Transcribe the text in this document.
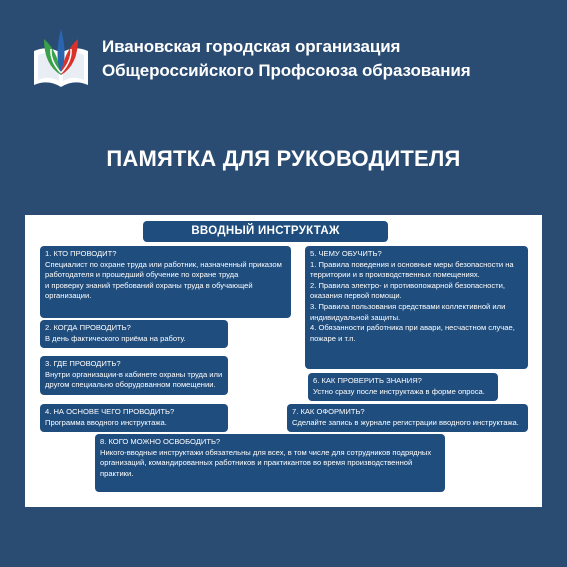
Ивановская городская организация
Общероссийского Профсоюза образования
ПАМЯТКА ДЛЯ РУКОВОДИТЕЛЯ
ВВОДНЫЙ ИНСТРУКТАЖ
1. КТО ПРОВОДИТ?
Специалист по охране труда или работник, назначенный приказом
работодателя и прошедший обучение по охране труда
и проверку знаний требований охраны труда в обучающей организации.
2. КОГДА ПРОВОДИТЬ?
В день фактического приёма на работу.
3. ГДЕ ПРОВОДИТЬ?
Внутри организации-в кабинете охраны труда или
другом специально оборудованном помещении.
4. НА ОСНОВЕ ЧЕГО ПРОВОДИТЬ?
Программа вводного инструктажа.
5. ЧЕМУ ОБУЧИТЬ?
1. Правила поведения и основные меры безопасности на
территории и в производственных помещениях.
2. Правила электро- и противопожарной безопасности,
оказания первой помощи.
3. Правила пользования средствами коллективной или
индивидуальной защиты.
4. Обязанности работника при авари, несчастном случае,
пожаре и т.п.
6. КАК ПРОВЕРИТЬ ЗНАНИЯ?
Устно сразу после инструктажа в форме опроса.
7. КАК ОФОРМИТЬ?
Сделайте запись в журнале регистрации вводного инструктажа.
8. КОГО МОЖНО ОСВОБОДИТЬ?
Никого-вводные инструктажи обязательны для всех, в том числе для сотрудников подрядных
организаций, командированных работников и практикантов во время производственной
практики.
